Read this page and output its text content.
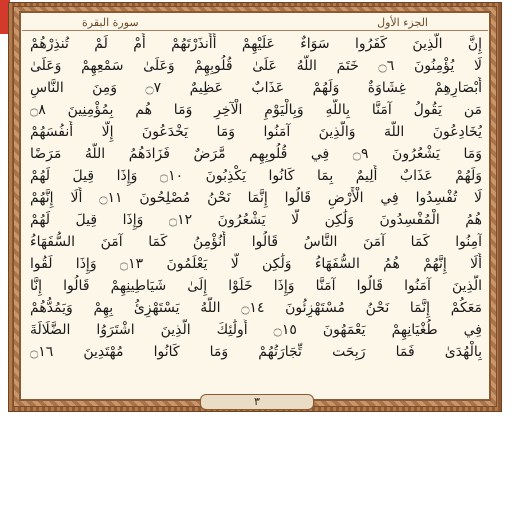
الجزء الأول
سورة البقرة
إِنَّ الَّذِينَ كَفَرُوا سَوَاءٌ عَلَيْهِمْ أَأَنذَرْتَهُمْ أَمْ لَمْ تُنذِرْهُمْ
لَا يُؤْمِنُونَ ۝٦ خَتَمَ اللَّهُ عَلَىٰ قُلُوبِهِمْ وَعَلَىٰ سَمْعِهِمْ وَعَلَىٰ
أَبْصَارِهِمْ غِشَاوَةٌ وَلَهُمْ عَذَابٌ عَظِيمٌ ۝٧ وَمِنَ النَّاسِ
مَن يَقُولُ آمَنَّا بِاللَّهِ وَبِالْيَوْمِ الْآخِرِ وَمَا هُم بِمُؤْمِنِينَ ۝٨
يُخَادِعُونَ اللَّهَ وَالَّذِينَ آمَنُوا وَمَا يَخْدَعُونَ إِلَّا أَنفُسَهُمْ
وَمَا يَشْعُرُونَ ۝٩ فِي قُلُوبِهِم مَّرَضٌ فَزَادَهُمُ اللَّهُ مَرَضًا
وَلَهُمْ عَذَابٌ أَلِيمٌ بِمَا كَانُوا يَكْذِبُونَ ۝١٠ وَإِذَا قِيلَ لَهُمْ
لَا تُفْسِدُوا فِي الْأَرْضِ قَالُوا إِنَّمَا نَحْنُ مُصْلِحُونَ ۝١١ أَلَا إِنَّهُمْ
هُمُ الْمُفْسِدُونَ وَلَٰكِن لَّا يَشْعُرُونَ ۝١٢ وَإِذَا قِيلَ لَهُمْ
آمِنُوا كَمَا آمَنَ النَّاسُ قَالُوا أَنُؤْمِنُ كَمَا آمَنَ السُّفَهَاءُ
أَلَا إِنَّهُمْ هُمُ السُّفَهَاءُ وَلَٰكِن لَّا يَعْلَمُونَ ۝١٣ وَإِذَا لَقُوا
الَّذِينَ آمَنُوا قَالُوا آمَنَّا وَإِذَا خَلَوْا إِلَىٰ شَيَاطِينِهِمْ قَالُوا إِنَّا
مَعَكُمْ إِنَّمَا نَحْنُ مُسْتَهْزِئُونَ ۝١٤ اللَّهُ يَسْتَهْزِئُ بِهِمْ وَيَمُدُّهُمْ
فِي طُغْيَانِهِمْ يَعْمَهُونَ ۝١٥ أُولَٰئِكَ الَّذِينَ اشْتَرَوُا الضَّلَالَةَ
بِالْهُدَىٰ فَمَا رَبِحَت تِّجَارَتُهُمْ وَمَا كَانُوا مُهْتَدِينَ ۝١٦
٣
